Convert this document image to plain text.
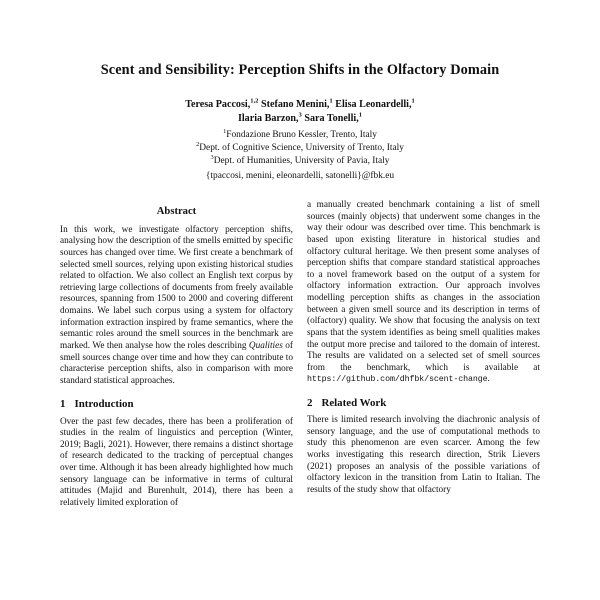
Scent and Sensibility: Perception Shifts in the Olfactory Domain
Teresa Paccosi,$^{1,2}$ Stefano Menini,$^1$ Elisa Leonardelli,$^1$
Ilaria Barzon,$^3$ Sara Tonelli,$^1$
$^1$Fondazione Bruno Kessler, Trento, Italy
$^2$Dept. of Cognitive Science, University of Trento, Italy
$^3$Dept. of Humanities, University of Pavia, Italy
{tpaccosi, menini, eleonardelli, satonelli}@fbk.eu
Abstract

In this work, we investigate olfactory perception shifts, analysing how the description of the smells emitted by specific sources has changed over time. We first create a benchmark of selected smell sources, relying upon existing historical studies related to olfaction. We also collect an English text corpus by retrieving large collections of documents from freely available resources, spanning from 1500 to 2000 and covering different domains. We label such corpus using a system for olfactory information extraction inspired by frame semantics, where the semantic roles around the smell sources in the benchmark are marked. We then analyse how the roles describing Qualities of smell sources change over time and how they can contribute to characterise perception shifts, also in comparison with more standard statistical approaches.

1 Introduction

Over the past few decades, there has been a proliferation of studies in the realm of linguistics and perception (Winter, 2019; Bagli, 2021). However, there remains a distinct shortage of research dedicated to the tracking of perceptual changes over time. Although it has been already highlighted how much sensory language can be informative in terms of cultural attitudes (Majid and Burenhult, 2014), there has been a relatively limited exploration of

a manually created benchmark containing a list of smell sources (mainly objects) that underwent some changes in the way their odour was described over time. This benchmark is based upon existing literature in historical studies and olfactory cultural heritage. We then present some analyses of perception shifts that compare standard statistical approaches to a novel framework based on the output of a system for olfactory information extraction. Our approach involves modelling perception shifts as changes in the association between a given smell source and its description in terms of (olfactory) quality. We show that focusing the analysis on text spans that the system identifies as being smell qualities makes the output more precise and tailored to the domain of interest. The results are validated on a selected set of smell sources from the benchmark, which is available at https://github.com/dhfbk/scent-change.

2 Related Work

There is limited research involving the diachronic analysis of sensory language, and the use of computational methods to study this phenomenon are even scarcer. Among the few works investigating this research direction, Strik Lievers (2021) proposes an analysis of the possible variations of olfactory lexicon in the transition from Latin to Italian. The results of the study show that olfactory
